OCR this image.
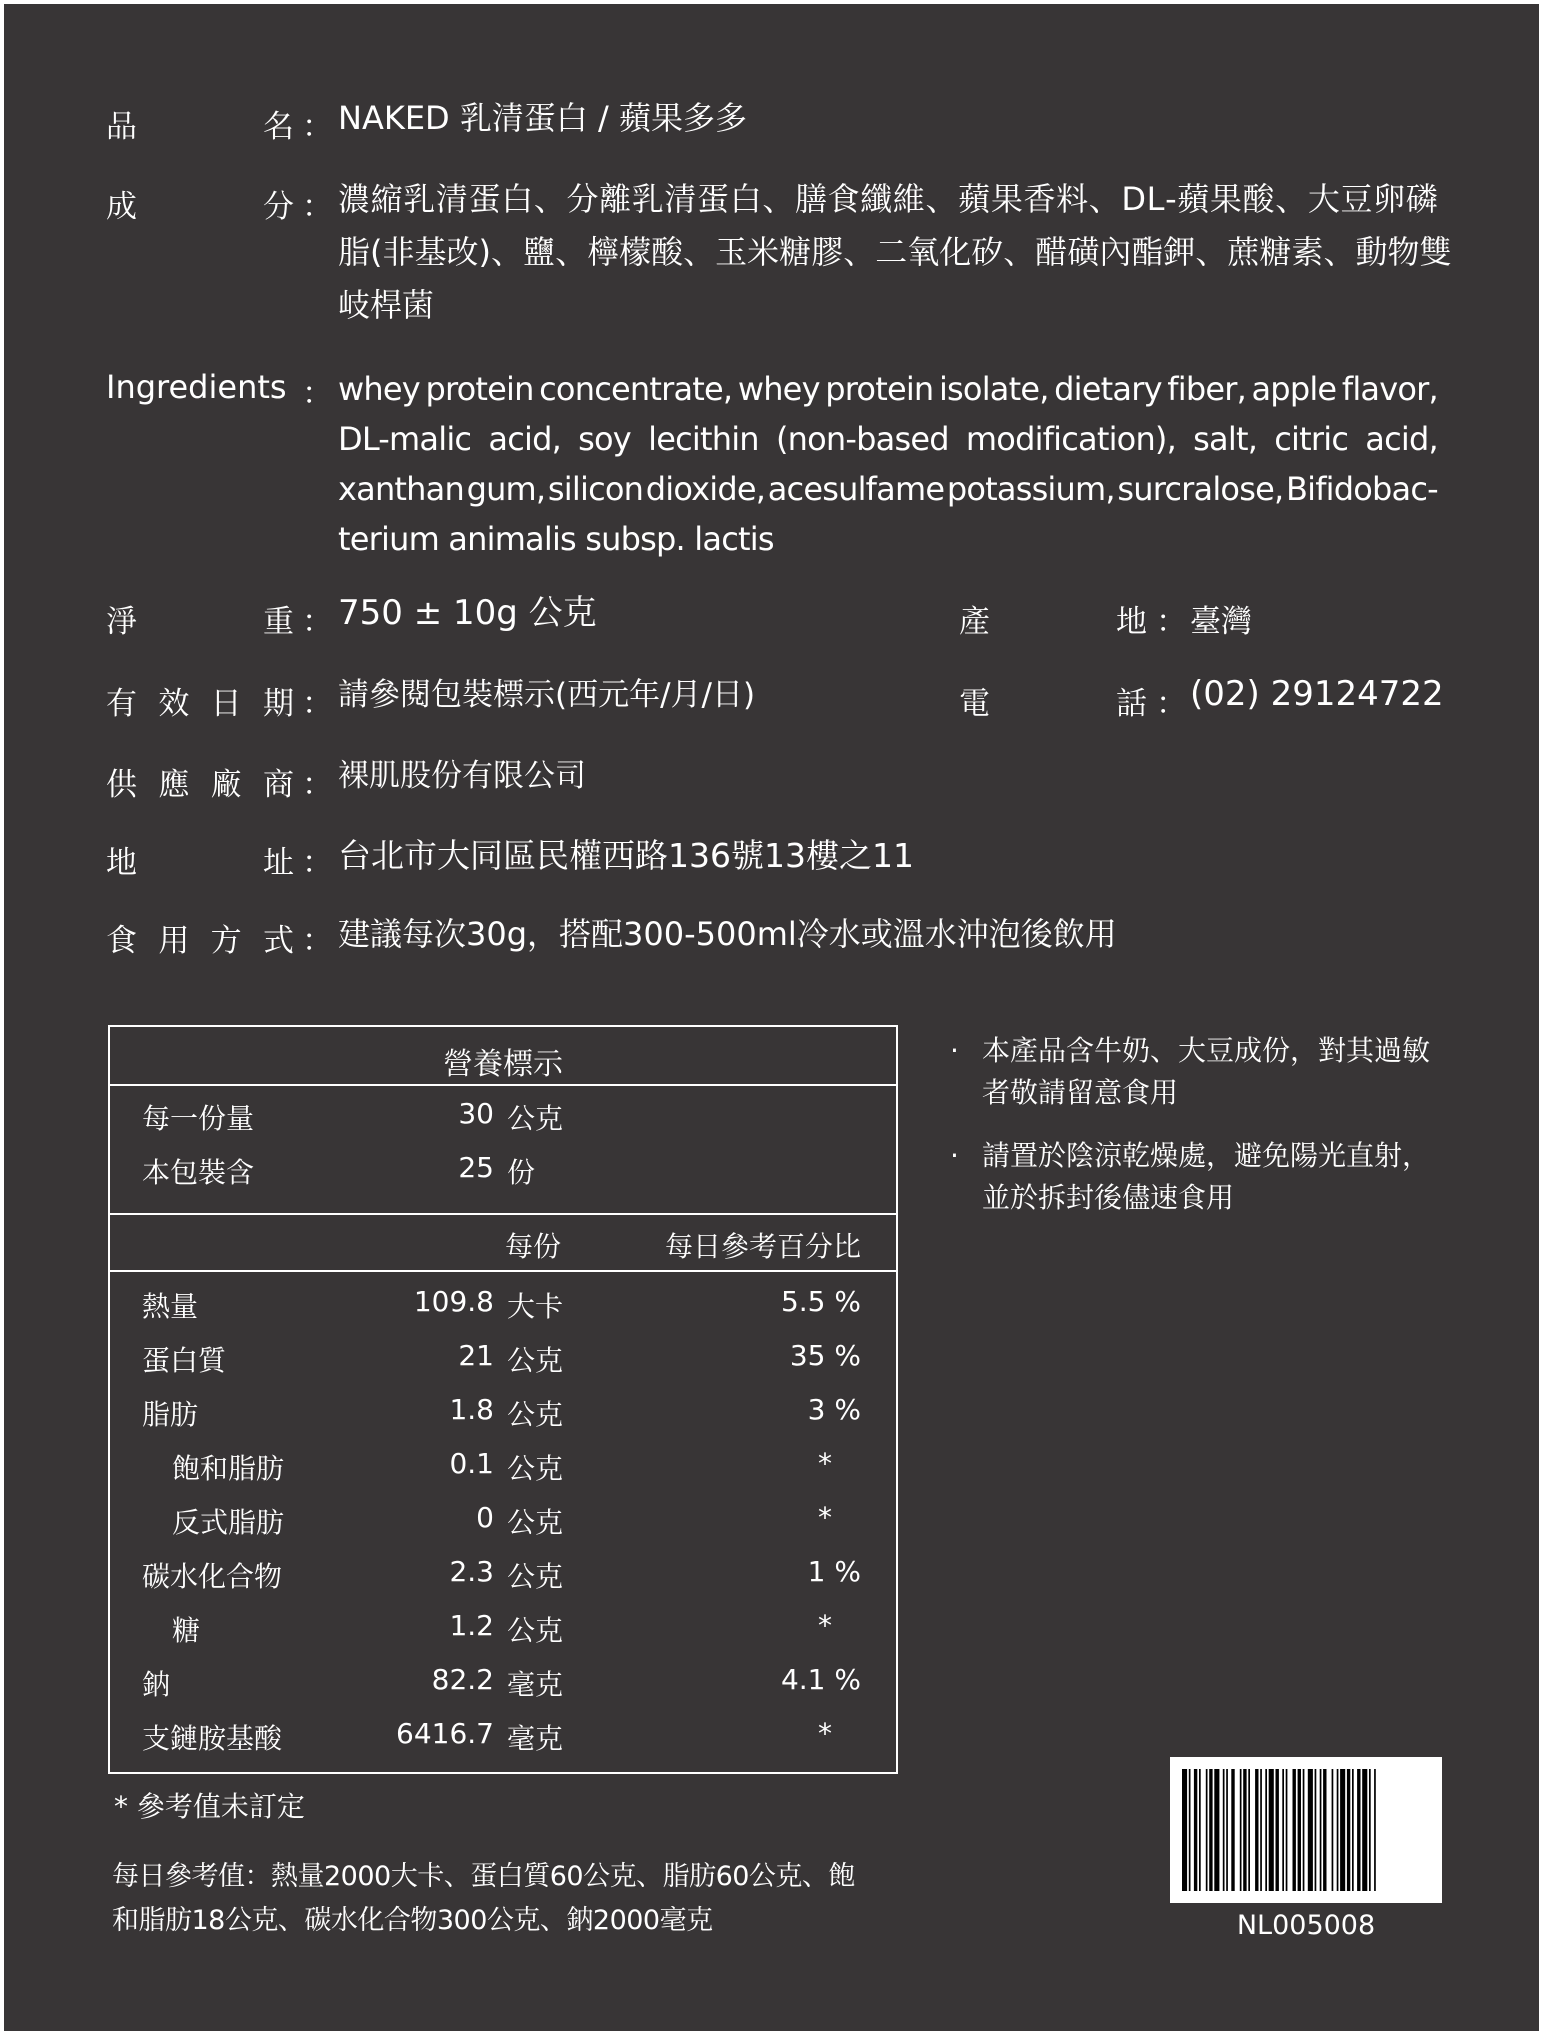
品	名 ： NAKED 乳清蛋白 / 蘋果多多
成	分 ： 濃 縮 乳 清 蛋 白 、 分 離 乳 清 蛋 白 、 膳 食 纖 維 、 蘋 果 香 料 、 D L - 蘋 果 酸 、 大 豆 卵 磷
脂 ( 非 基 改 ) 、 鹽 、 檸 檬 酸 、 玉 米 糖 膠 、 二 氧 化 矽 、 醋 磺 內 酯 鉀 、 蔗 糖 素 、 動 物 雙
岐桿菌
Ingredients ： whey protein concentrate, whey protein isolate, dietary fiber, apple flavor,
DL-malic acid, soy lecithin (non-based modification), salt, citric acid,
xanthan gum, silicon dioxide, acesulfame potassium, surcralose, Bifidobac-
terium animalis subsp. lactis
淨	重 ： 750 ± 10g 公克	產	地 ： 臺灣
有 效 日 期 ： 請參閱包裝標示(西元年/月/日)	電	話 ： (02) 29124722
供 應 廠 商 ： 裸肌股份有限公司
地	址 ： 台北市大同區民權西路136號13樓之11
食 用 方 式 ： 建議每次30g，搭配300-500ml冷水或溫水沖泡後飲用
營養標示
每一份量	30 公克
本包裝含	25 份
每份	每日參考百分比
熱量	109.8 大卡	5.5 %
蛋白質	21 公克	35 %
脂肪	1.8 公克	3 %
飽和脂肪	0.1 公克	*
反式脂肪	0 公克	*
碳水化合物	2.3 公克	1 %
糖	1.2 公克	*
鈉	82.2 毫克	4.1 %
支鏈胺基酸	6416.7 毫克	*
* 參考值未訂定
每日參考值：熱量2000大卡、蛋白質60公克、脂肪60公克、飽
和脂肪18公克、碳水化合物300公克、鈉2000毫克
· 本產品含牛奶、大豆成份，對其過敏
者敬請留意食用
· 請置於陰涼乾燥處，避免陽光直射，
並於拆封後儘速食用
NL005008
